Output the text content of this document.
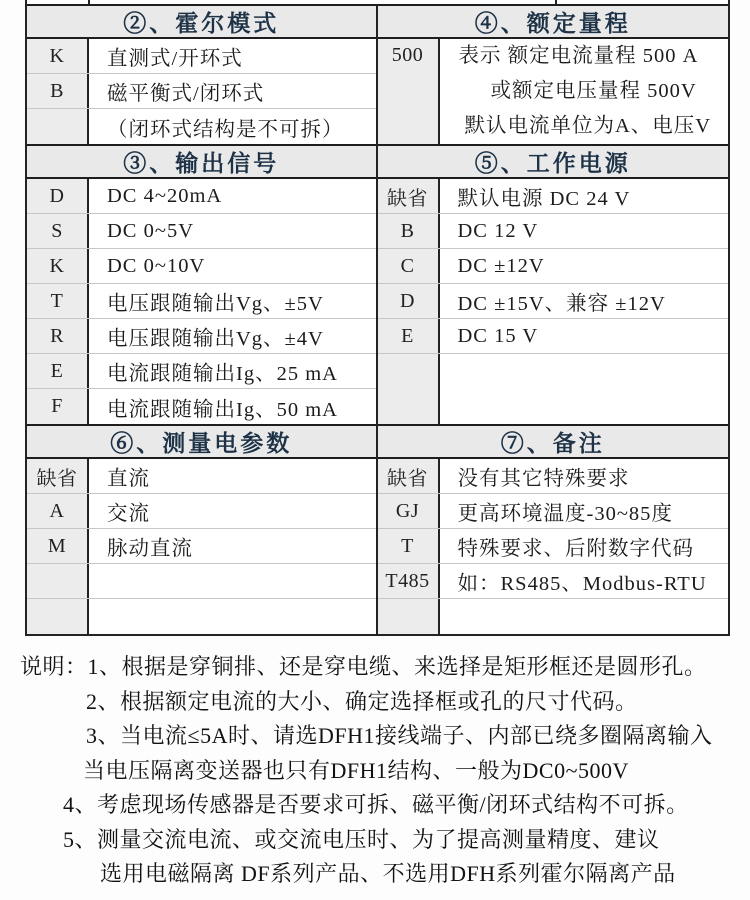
②、霍尔模式
K	直测式/开环式
B	磁平衡式/闭环式
（闭环式结构是不可拆）
④、额定量程
500	表示 额定电流量程 500 A
或额定电压量程 500V
默认电流单位为A、电压V
③、输出信号
D	DC 4~20mA
S	DC 0~5V
K	DC 0~10V
T	电压跟随输出Vg、±5V
R	电压跟随输出Vg、±4V
E	电流跟随输出Ig、25 mA
F	电流跟随输出Ig、50 mA
⑤、工作电源
缺省	默认电源 DC 24 V
B	DC 12 V
C	DC ±12V
D	DC ±15V、兼容 ±12V
E	DC 15 V
⑥、测量电参数
缺省	直流
A	交流
M	脉动直流
⑦、备注
缺省	没有其它特殊要求
GJ	更高环境温度-30~85度
T	特殊要求、后附数字代码
T485	如：RS485、Modbus-RTU
说明：1、根据是穿铜排、还是穿电缆、来选择是矩形框还是圆形孔。
2、根据额定电流的大小、确定选择框或孔的尺寸代码。
3、当电流≤5A时、请选DFH1接线端子、内部已绕多圈隔离输入
当电压隔离变送器也只有DFH1结构、一般为DC0~500V
4、考虑现场传感器是否要求可拆、磁平衡/闭环式结构不可拆。
5、测量交流电流、或交流电压时、为了提高测量精度、建议
选用电磁隔离 DF系列产品、不选用DFH系列霍尔隔离产品
